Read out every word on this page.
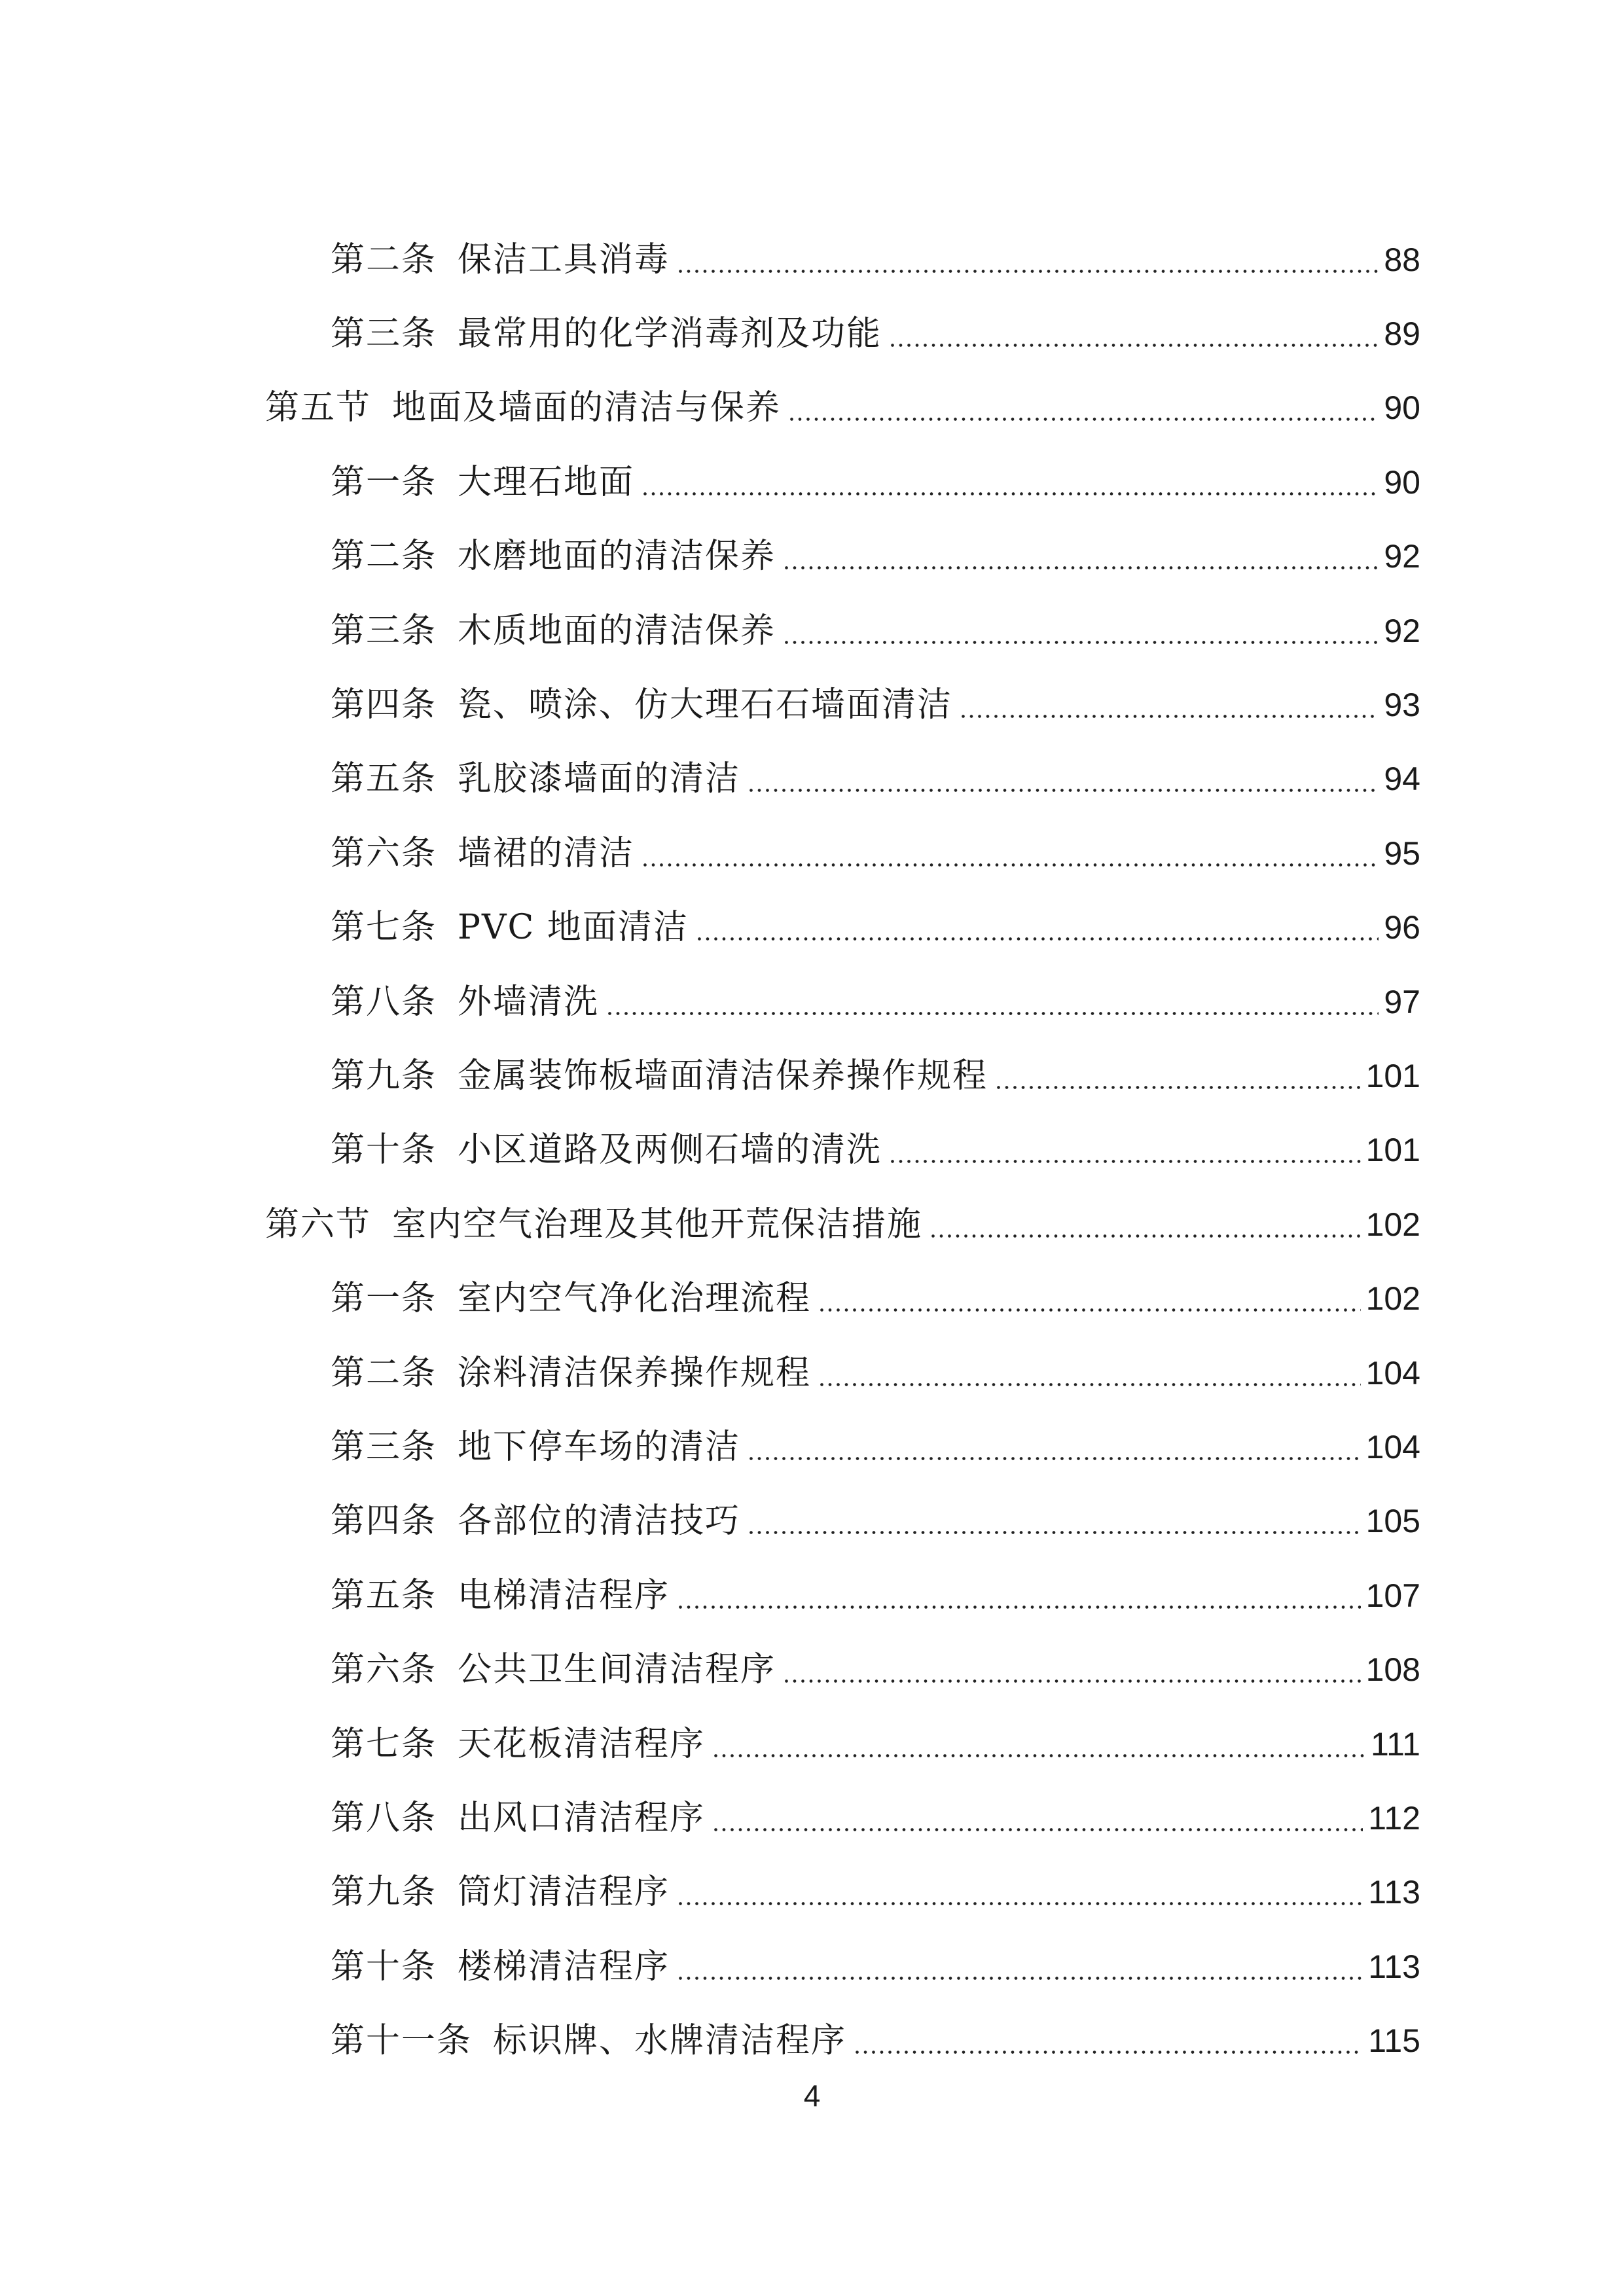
第二条 保洁工具消毒	88
第三条 最常用的化学消毒剂及功能	89
第五节 地面及墙面的清洁与保养	90
第一条 大理石地面	90
第二条 水磨地面的清洁保养	92
第三条 木质地面的清洁保养	92
第四条 瓷、喷涂、仿大理石石墙面清洁	93
第五条 乳胶漆墙面的清洁	94
第六条 墙裙的清洁	95
第七条 PVC 地面清洁	96
第八条 外墙清洗	97
第九条 金属装饰板墙面清洁保养操作规程	101
第十条 小区道路及两侧石墙的清洗	101
第六节 室内空气治理及其他开荒保洁措施	102
第一条 室内空气净化治理流程	102
第二条 涂料清洁保养操作规程	104
第三条 地下停车场的清洁	104
第四条 各部位的清洁技巧	105
第五条 电梯清洁程序	107
第六条 公共卫生间清洁程序	108
第七条 天花板清洁程序	111
第八条 出风口清洁程序	112
第九条 筒灯清洁程序	113
第十条 楼梯清洁程序	113
第十一条 标识牌、水牌清洁程序	115
4
